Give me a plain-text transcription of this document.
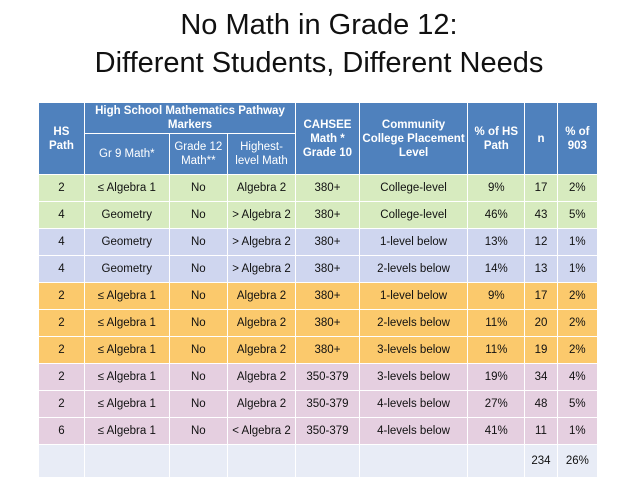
No Math in Grade 12:
Different Students, Different Needs
HS Path	High School Mathematics Pathway Markers			CAHSEE Math * Grade 10	Community College Placement Level	% of HS Path	n	% of 903
	Gr 9 Math*	Grade 12 Math**	Highest-level Math					
2	≤ Algebra 1	No	Algebra 2	380+	College-level	9%	17	2%
4	Geometry	No	> Algebra 2	380+	College-level	46%	43	5%
4	Geometry	No	> Algebra 2	380+	1-level below	13%	12	1%
4	Geometry	No	> Algebra 2	380+	2-levels below	14%	13	1%
2	≤ Algebra 1	No	Algebra 2	380+	1-level below	9%	17	2%
2	≤ Algebra 1	No	Algebra 2	380+	2-levels below	11%	20	2%
2	≤ Algebra 1	No	Algebra 2	380+	3-levels below	11%	19	2%
2	≤ Algebra 1	No	Algebra 2	350-379	3-levels below	19%	34	4%
2	≤ Algebra 1	No	Algebra 2	350-379	4-levels below	27%	48	5%
6	≤ Algebra 1	No	< Algebra 2	350-379	4-levels below	41%	11	1%
							234	26%
